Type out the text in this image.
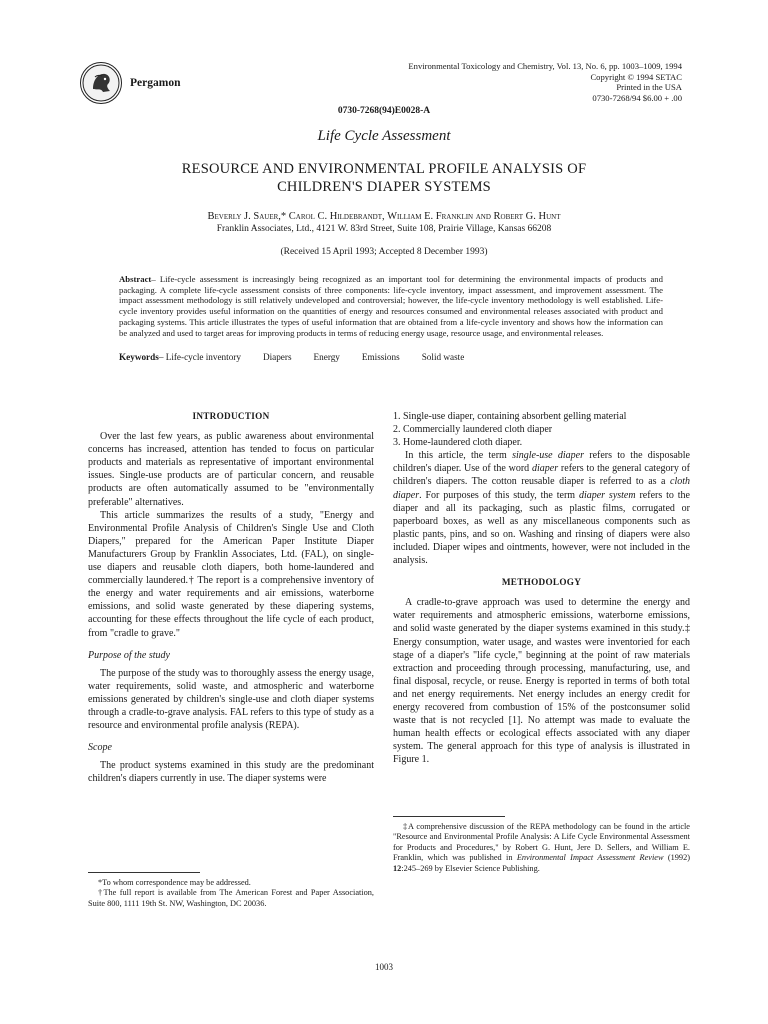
Pergamon
Environmental Toxicology and Chemistry, Vol. 13, No. 6, pp. 1003–1009, 1994
Copyright © 1994 SETAC
Printed in the USA
0730-7268/94 $6.00 + .00
0730-7268(94)E0028-A
Life Cycle Assessment
RESOURCE AND ENVIRONMENTAL PROFILE ANALYSIS OF
CHILDREN'S DIAPER SYSTEMS
Beverly J. Sauer,* Carol C. Hildebrandt, William E. Franklin and Robert G. Hunt
Franklin Associates, Ltd., 4121 W. 83rd Street, Suite 108, Prairie Village, Kansas 66208
(Received 15 April 1993; Accepted 8 December 1993)
Abstract– Life-cycle assessment is increasingly being recognized as an important tool for determining the environmental impacts of products and packaging. A complete life-cycle assessment consists of three components: life-cycle inventory, impact assessment, and improvement assessment. The impact assessment methodology is still relatively undeveloped and controversial; however, the life-cycle inventory methodology is well established. Life-cycle inventory provides useful information on the quantities of energy and resources consumed and environmental releases associated with product and packaging systems. This article illustrates the types of useful information that are obtained from a life-cycle inventory and shows how the information can be analyzed and used to target areas for improving products in terms of reducing energy usage, resource usage, and environmental releases.
Keywords– Life-cycle inventory Diapers Energy Emissions Solid waste
INTRODUCTION

Over the last few years, as public awareness about environmental concerns has increased, attention has tended to focus on particular products and materials as representative of important environmental issues. Single-use products are of particular concern, and reusable products are often automatically assumed to be "environmentally preferable" alternatives.

This article summarizes the results of a study, "Energy and Environmental Profile Analysis of Children's Single Use and Cloth Diapers," prepared for the American Paper Institute Diaper Manufacturers Group by Franklin Associates, Ltd. (FAL), on single-use diapers and reusable cloth diapers, both home-laundered and commercially laundered.† The report is a comprehensive inventory of the energy and water requirements and air emissions, waterborne emissions, and solid waste generated by these diapering systems, accounting for these effects throughout the life cycle of each product, from "cradle to grave."

Purpose of the study

The purpose of the study was to thoroughly assess the energy usage, water requirements, solid waste, and atmospheric and waterborne emissions generated by children's single-use and cloth diaper systems through a cradle-to-grave analysis. FAL refers to this type of study as a resource and environmental profile analysis (REPA).

Scope

The product systems examined in this study are the predominant children's diapers currently in use. The diaper systems were

1. Single-use diaper, containing absorbent gelling material
2. Commercially laundered cloth diaper
3. Home-laundered cloth diaper.

In this article, the term single-use diaper refers to the disposable children's diaper. Use of the word diaper refers to the general category of children's diapers. The cotton reusable diaper is referred to as a cloth diaper. For purposes of this study, the term diaper system refers to the diaper and all its packaging, such as plastic films, corrugated or paperboard boxes, as well as any miscellaneous components such as plastic pants, pins, and so on. Washing and rinsing of diapers were also included. Diaper wipes and ointments, however, were not included in the analysis.

METHODOLOGY

A cradle-to-grave approach was used to determine the energy and water requirements and atmospheric emissions, waterborne emissions, and solid waste generated by the diaper systems examined in this study.‡ Energy consumption, water usage, and wastes were inventoried for each stage of a diaper's "life cycle," beginning at the point of raw materials extraction and proceeding through processing, manufacturing, use, and final disposal, recycle, or reuse. Energy is reported in terms of both total and net energy requirements. Net energy includes an energy credit for energy recovered from combustion of 15% of the postconsumer solid waste that is not recycled [1]. No attempt was made to evaluate the human health effects or ecological effects associated with any diaper system. The general approach for this type of analysis is illustrated in Figure 1.

‡A comprehensive discussion of the REPA methodology can be found in the article "Resource and Environmental Profile Analysis: A Life Cycle Environmental Assessment for Products and Procedures," by Robert G. Hunt, Jere D. Sellers, and William E. Franklin, which was published in Environmental Impact Assessment Review (1992) 12:245–269 by Elsevier Science Publishing.

*To whom correspondence may be addressed.

†The full report is available from The American Forest and Paper Association, Suite 800, 1111 19th St. NW, Washington, DC 20036.

1003
